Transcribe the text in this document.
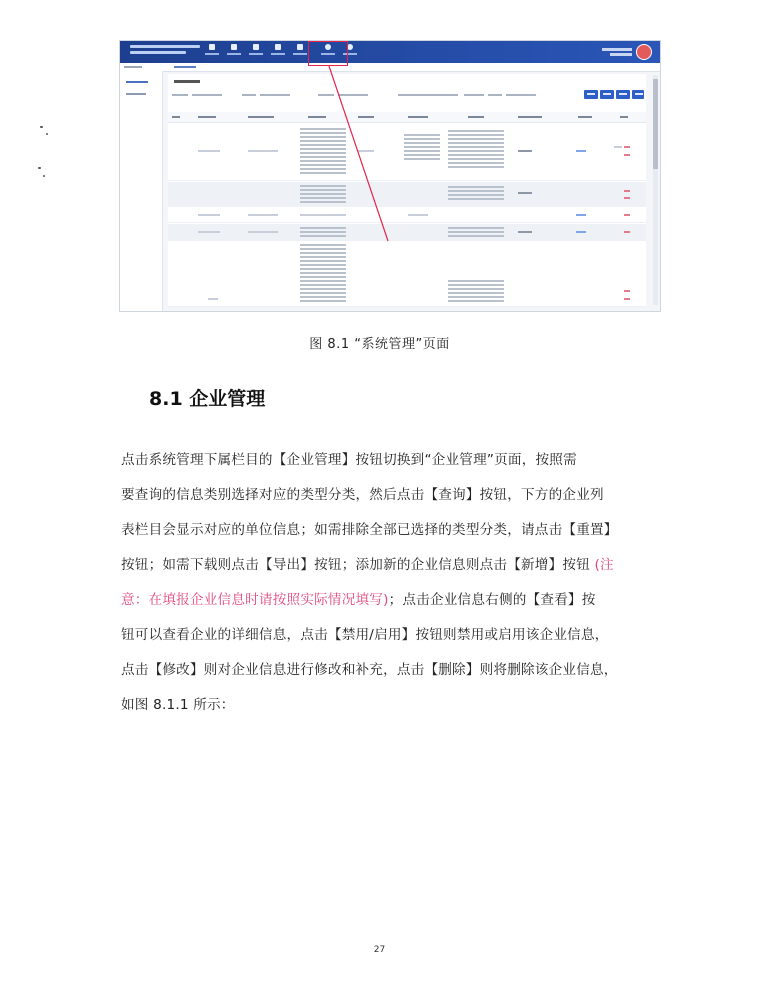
图 8.1 “系统管理”页面
8.1 企业管理
点击系统管理下属栏目的【企业管理】按钮切换到“企业管理”页面，按照需
要查询的信息类别选择对应的类型分类，然后点击【查询】按钮，下方的企业列
表栏目会显示对应的单位信息；如需排除全部已选择的类型分类，请点击【重置】
按钮；如需下载则点击【导出】按钮；添加新的企业信息则点击【新增】按钮 (注
意：在填报企业信息时请按照实际情况填写)；点击企业信息右侧的【查看】按
钮可以查看企业的详细信息，点击【禁用/启用】按钮则禁用或启用该企业信息，
点击【修改】则对企业信息进行修改和补充，点击【删除】则将删除该企业信息，
如图 8.1.1 所示：
27
